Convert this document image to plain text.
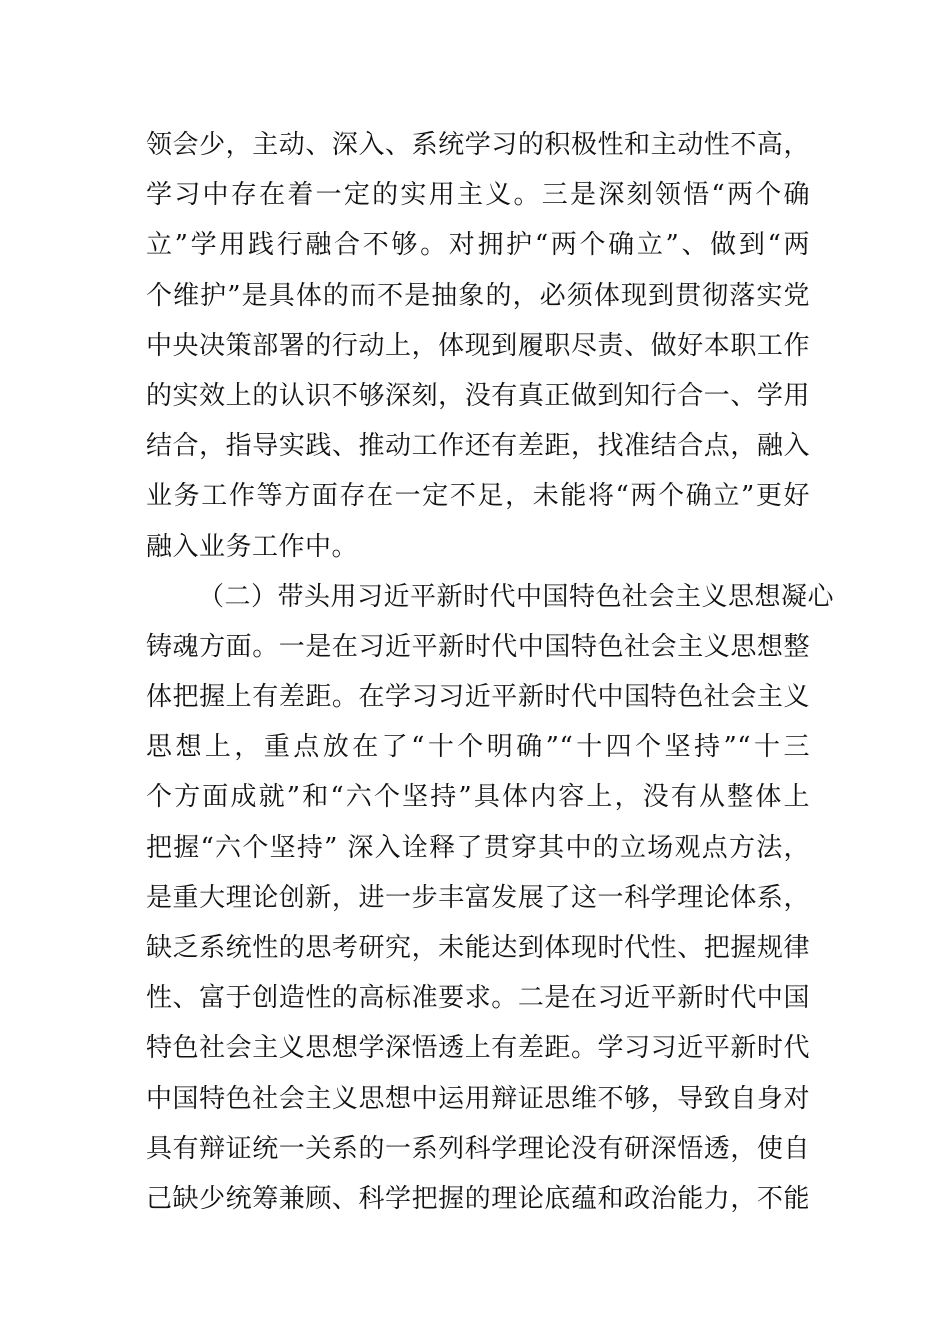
领会少，主动、深入、系统学习的积极性和主动性不高，
学习中存在着一定的实用主义。三是深刻领悟“两个确
立”学用践行融合不够。对拥护“两个确立”、做到“两
个维护”是具体的而不是抽象的，必须体现到贯彻落实党
中央决策部署的行动上，体现到履职尽责、做好本职工作
的实效上的认识不够深刻，没有真正做到知行合一、学用
结合，指导实践、推动工作还有差距，找准结合点，融入
业务工作等方面存在一定不足，未能将“两个确立”更好
融入业务工作中。
（二）带头用习近平新时代中国特色社会主义思想凝心
铸魂方面。一是在习近平新时代中国特色社会主义思想整
体把握上有差距。在学习习近平新时代中国特色社会主义
思想上，重点放在了“十个明确”“十四个坚持”“十三
个方面成就”和“六个坚持”具体内容上，没有从整体上
把握“六个坚持” 深入诠释了贯穿其中的立场观点方法，
是重大理论创新，进一步丰富发展了这一科学理论体系，
缺乏系统性的思考研究，未能达到体现时代性、把握规律
性、富于创造性的高标准要求。二是在习近平新时代中国
特色社会主义思想学深悟透上有差距。学习习近平新时代
中国特色社会主义思想中运用辩证思维不够，导致自身对
具有辩证统一关系的一系列科学理论没有研深悟透，使自
己缺少统筹兼顾、科学把握的理论底蕴和政治能力，不能
